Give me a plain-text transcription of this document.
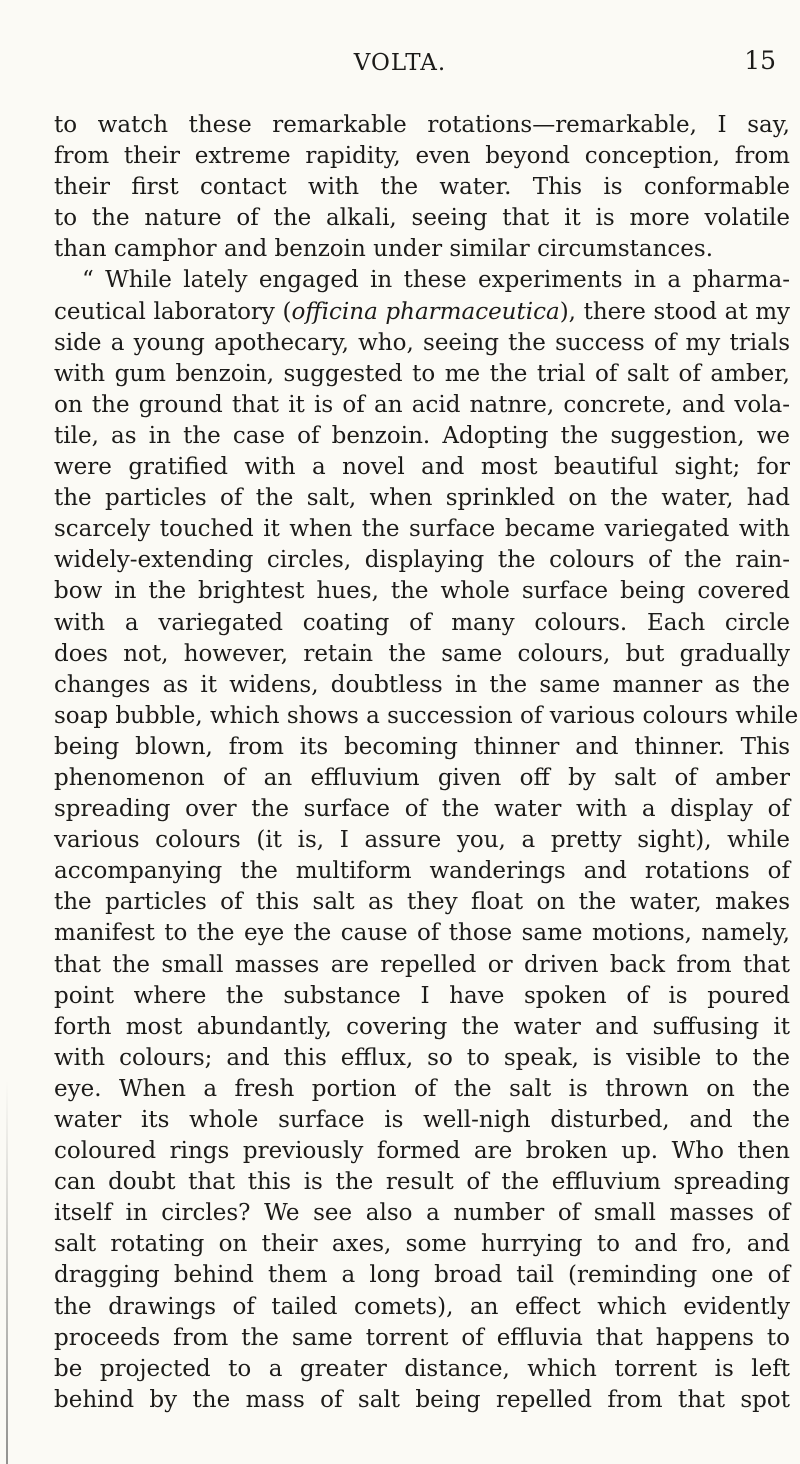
VOLTA.	15
to watch these remarkable rotations—remarkable, I say,
from their extreme rapidity, even beyond conception, from
their first contact with the water. This is conformable
to the nature of the alkali, seeing that it is more volatile
than camphor and benzoin under similar circumstances.
“ While lately engaged in these experiments in a pharma-
ceutical laboratory (officina pharmaceutica), there stood at my
side a young apothecary, who, seeing the success of my trials
with gum benzoin, suggested to me the trial of salt of amber,
on the ground that it is of an acid natnre, concrete, and vola-
tile, as in the case of benzoin. Adopting the suggestion, we
were gratified with a novel and most beautiful sight; for
the particles of the salt, when sprinkled on the water, had
scarcely touched it when the surface became variegated with
widely-extending circles, displaying the colours of the rain-
bow in the brightest hues, the whole surface being covered
with a variegated coating of many colours. Each circle
does not, however, retain the same colours, but gradually
changes as it widens, doubtless in the same manner as the
soap bubble, which shows a succession of various colours while
being blown, from its becoming thinner and thinner. This
phenomenon of an effluvium given off by salt of amber
spreading over the surface of the water with a display of
various colours (it is, I assure you, a pretty sight), while
accompanying the multiform wanderings and rotations of
the particles of this salt as they float on the water, makes
manifest to the eye the cause of those same motions, namely,
that the small masses are repelled or driven back from that
point where the substance I have spoken of is poured
forth most abundantly, covering the water and suffusing it
with colours; and this efflux, so to speak, is visible to the
eye. When a fresh portion of the salt is thrown on the
water its whole surface is well-nigh disturbed, and the
coloured rings previously formed are broken up. Who then
can doubt that this is the result of the effluvium spreading
itself in circles? We see also a number of small masses of
salt rotating on their axes, some hurrying to and fro, and
dragging behind them a long broad tail (reminding one of
the drawings of tailed comets), an effect which evidently
proceeds from the same torrent of effluvia that happens to
be projected to a greater distance, which torrent is left
behind by the mass of salt being repelled from that spot
